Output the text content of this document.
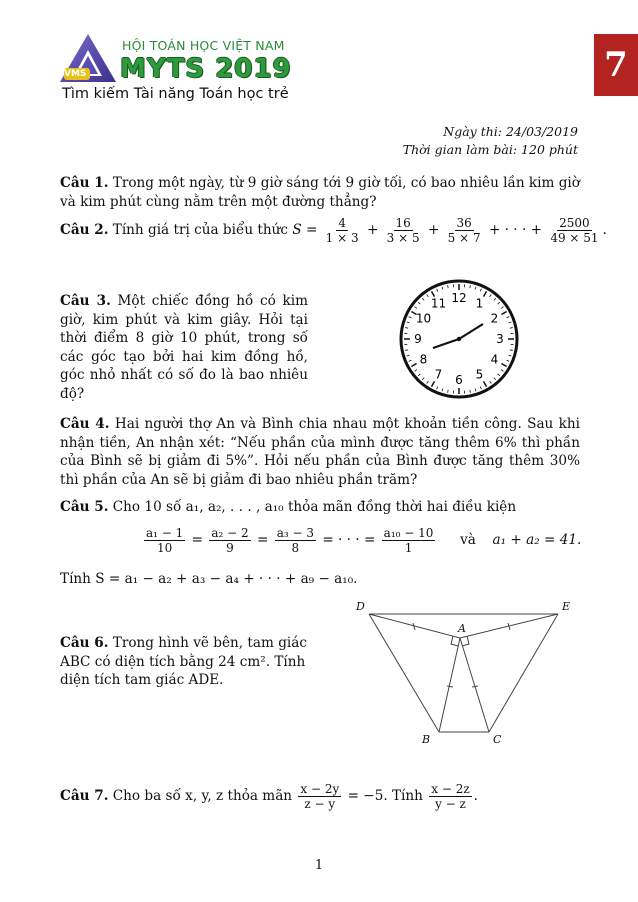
VMS
HỘI TOÁN HỌC VIỆT NAM
MYTS 2019
Tìm kiếm Tài năng Toán học trẻ
7
Ngày thi: 24/03/2019
Thời gian làm bài: 120 phút
Câu 1. Trong một ngày, từ 9 giờ sáng tới 9 giờ tối, có bao nhiêu lần kim giờ và kim phút cùng nằm trên một đường thẳng?
Câu 2. Tính giá trị của biểu thức $S = \frac{4}{1 \times 3} + \frac{16}{3 \times 5} + \frac{36}{5 \times 7}$ + · · · + $\frac{2500}{49 \times 51}$ .
Câu 3. Một chiếc đồng hồ có kim giờ, kim phút và kim giây. Hỏi tại thời điểm 8 giờ 10 phút, trong số các góc tạo bởi hai kim đồng hồ, góc nhỏ nhất có số đo là bao nhiêu độ?
12 1
2
3
4
5
6
7
8
9
10
11
Câu 4. Hai người thợ An và Bình chia nhau một khoản tiền công. Sau khi nhận tiền, An nhận xét: “Nếu phần của mình được tăng thêm 6% thì phần của Bình sẽ bị giảm đi 5%”. Hỏi nếu phần của Bình được tăng thêm 30% thì phần của An sẽ bị giảm đi bao nhiêu phần trăm?
Câu 5. Cho 10 số a₁, a₂, . . . , a₁₀ thỏa mãn đồng thời hai điều kiện
$\frac{\text{a₁ − 1}}{10} = \frac{\text{a₂ − 2}}{9} = \frac{\text{a₃ − 3}}{8}$ = · · · = $\frac{\text{a₁₀ − 10}}{1}$ và a₁ + a₂ = 41.
Tính S = a₁ − a₂ + a₃ − a₄ + · · · + a₉ − a₁₀.
Câu 6. Trong hình vẽ bên, tam giác ABC có diện tích bằng 24 cm². Tính diện tích tam giác ADE.
D	E
A
B	C
Câu 7. Cho ba số x, y, z thỏa mãn $\frac{x - 2y}{z - y} = -5$. Tính $\frac{x - 2z}{y - z}$ .
1
